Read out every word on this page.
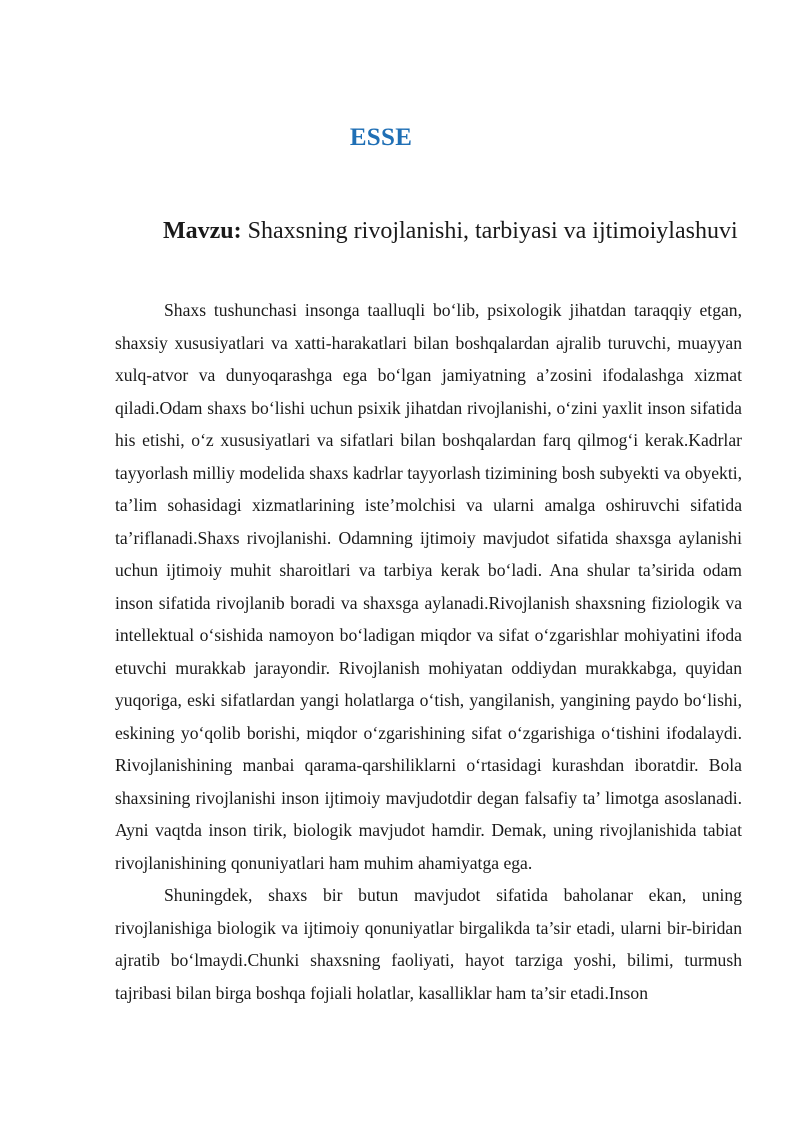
ESSE
Mavzu: Shaxsning rivojlanishi, tarbiyasi va ijtimoiylashuvi

Shaxs tushunchasi insonga taalluqli bo‘lib, psixologik jihatdan taraqqiy etgan, shaxsiy xususiyatlari va xatti-harakatlari bilan boshqalardan ajralib turuvchi, muayyan xulq-atvor va dunyoqarashga ega bo‘lgan jamiyatning a’zosini ifodalashga xizmat qiladi.Odam shaxs bo‘lishi uchun psixik jihatdan rivojlanishi, o‘zini yaxlit inson sifatida his etishi, o‘z xususiyatlari va sifatlari bilan boshqalardan farq qilmog‘i kerak.Kadrlar tayyorlash milliy modelida shaxs kadrlar tayyorlash tizimining bosh subyekti va obyekti, ta’lim sohasidagi xizmatlarining iste’molchisi va ularni amalga oshiruvchi sifatida ta’riflanadi.Shaxs rivojlanishi. Odamning ijtimoiy mavjudot sifatida shaxsga aylanishi uchun ijtimoiy muhit sharoitlari va tarbiya kerak bo‘ladi. Ana shular ta’sirida odam inson sifatida rivojlanib boradi va shaxsga aylanadi.Rivojlanish shaxsning fiziologik va intellektual o‘sishida namoyon bo‘ladigan miqdor va sifat o‘zgarishlar mohiyatini ifoda etuvchi murakkab jarayondir. Rivojlanish mohiyatan oddiydan murakkabga, quyidan yuqoriga, eski sifatlardan yangi holatlarga o‘tish, yangilanish, yangining paydo bo‘lishi, eskining yo‘qolib borishi, miqdor o‘zgarishining sifat o‘zgarishiga o‘tishini ifodalaydi. Rivojlanishining manbai qarama-qarshiliklarni o‘rtasidagi kurashdan iboratdir. Bola shaxsining rivojlanishi inson ijtimoiy mavjudotdir degan falsafiy ta’ limotga asoslanadi. Ayni vaqtda inson tirik, biologik mavjudot hamdir. Demak, uning rivojlanishida tabiat rivojlanishining qonuniyatlari ham muhim ahamiyatga ega.

Shuningdek, shaxs bir butun mavjudot sifatida baholanar ekan, uning rivojlanishiga biologik va ijtimoiy qonuniyatlar birgalikda ta’sir etadi, ularni bir-biridan ajratib bo‘lmaydi.Chunki shaxsning faoliyati, hayot tarziga yoshi, bilimi, turmush tajribasi bilan birga boshqa fojiali holatlar, kasalliklar ham ta’sir etadi.Inson
